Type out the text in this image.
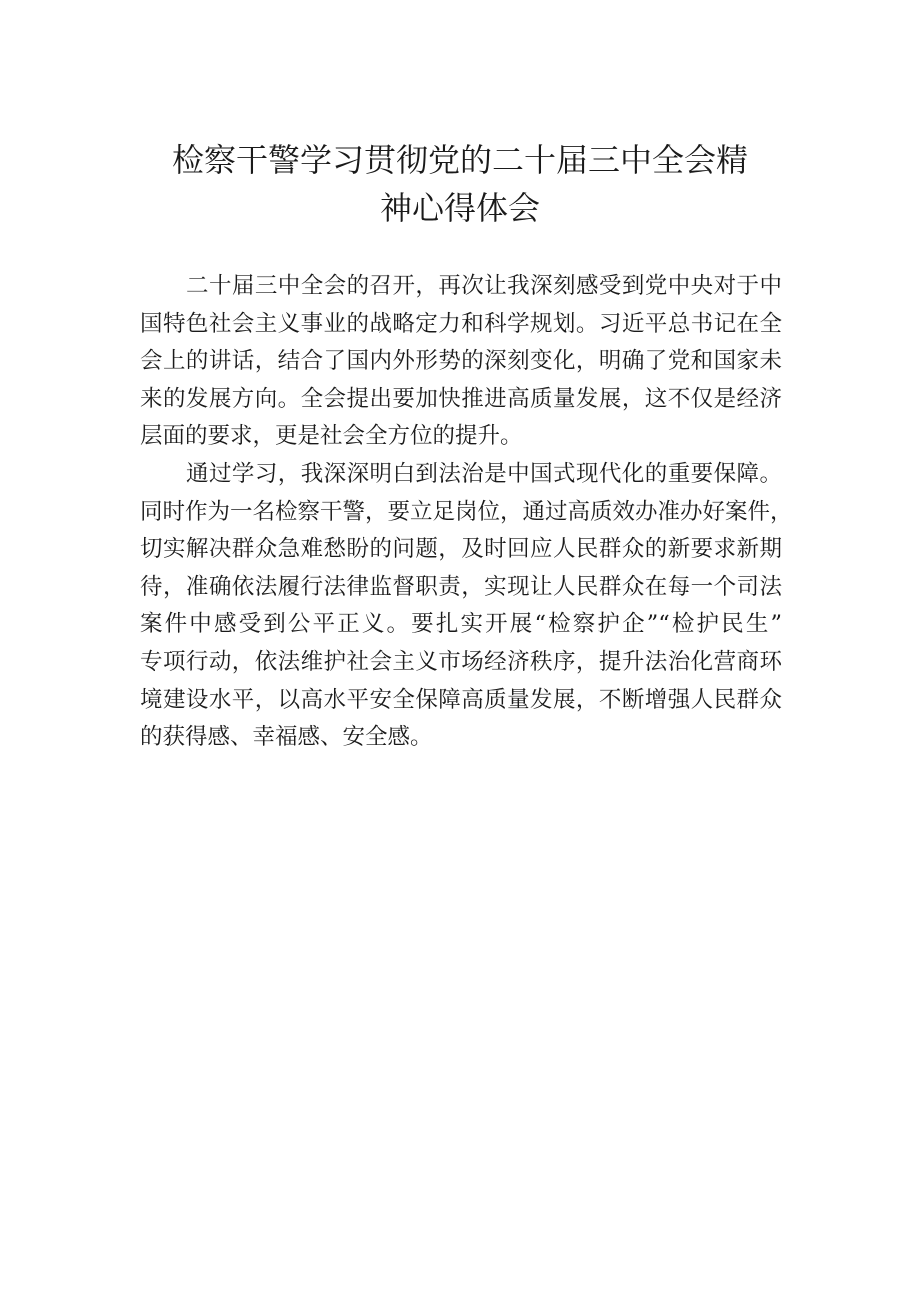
检察干警学习贯彻党的二十届三中全会精
神心得体会
二十届三中全会的召开，再次让我深刻感受到党中央对于中
国特色社会主义事业的战略定力和科学规划。习近平总书记在全
会上的讲话，结合了国内外形势的深刻变化，明确了党和国家未
来的发展方向。全会提出要加快推进高质量发展，这不仅是经济
层面的要求，更是社会全方位的提升。
通过学习，我深深明白到法治是中国式现代化的重要保障。
同时作为一名检察干警，要立足岗位，通过高质效办准办好案件，
切实解决群众急难愁盼的问题，及时回应人民群众的新要求新期
待，准确依法履行法律监督职责，实现让人民群众在每一个司法
案件中感受到公平正义。要扎实开展“检察护企”“检护民生”
专项行动，依法维护社会主义市场经济秩序，提升法治化营商环
境建设水平，以高水平安全保障高质量发展，不断增强人民群众
的获得感、幸福感、安全感。
